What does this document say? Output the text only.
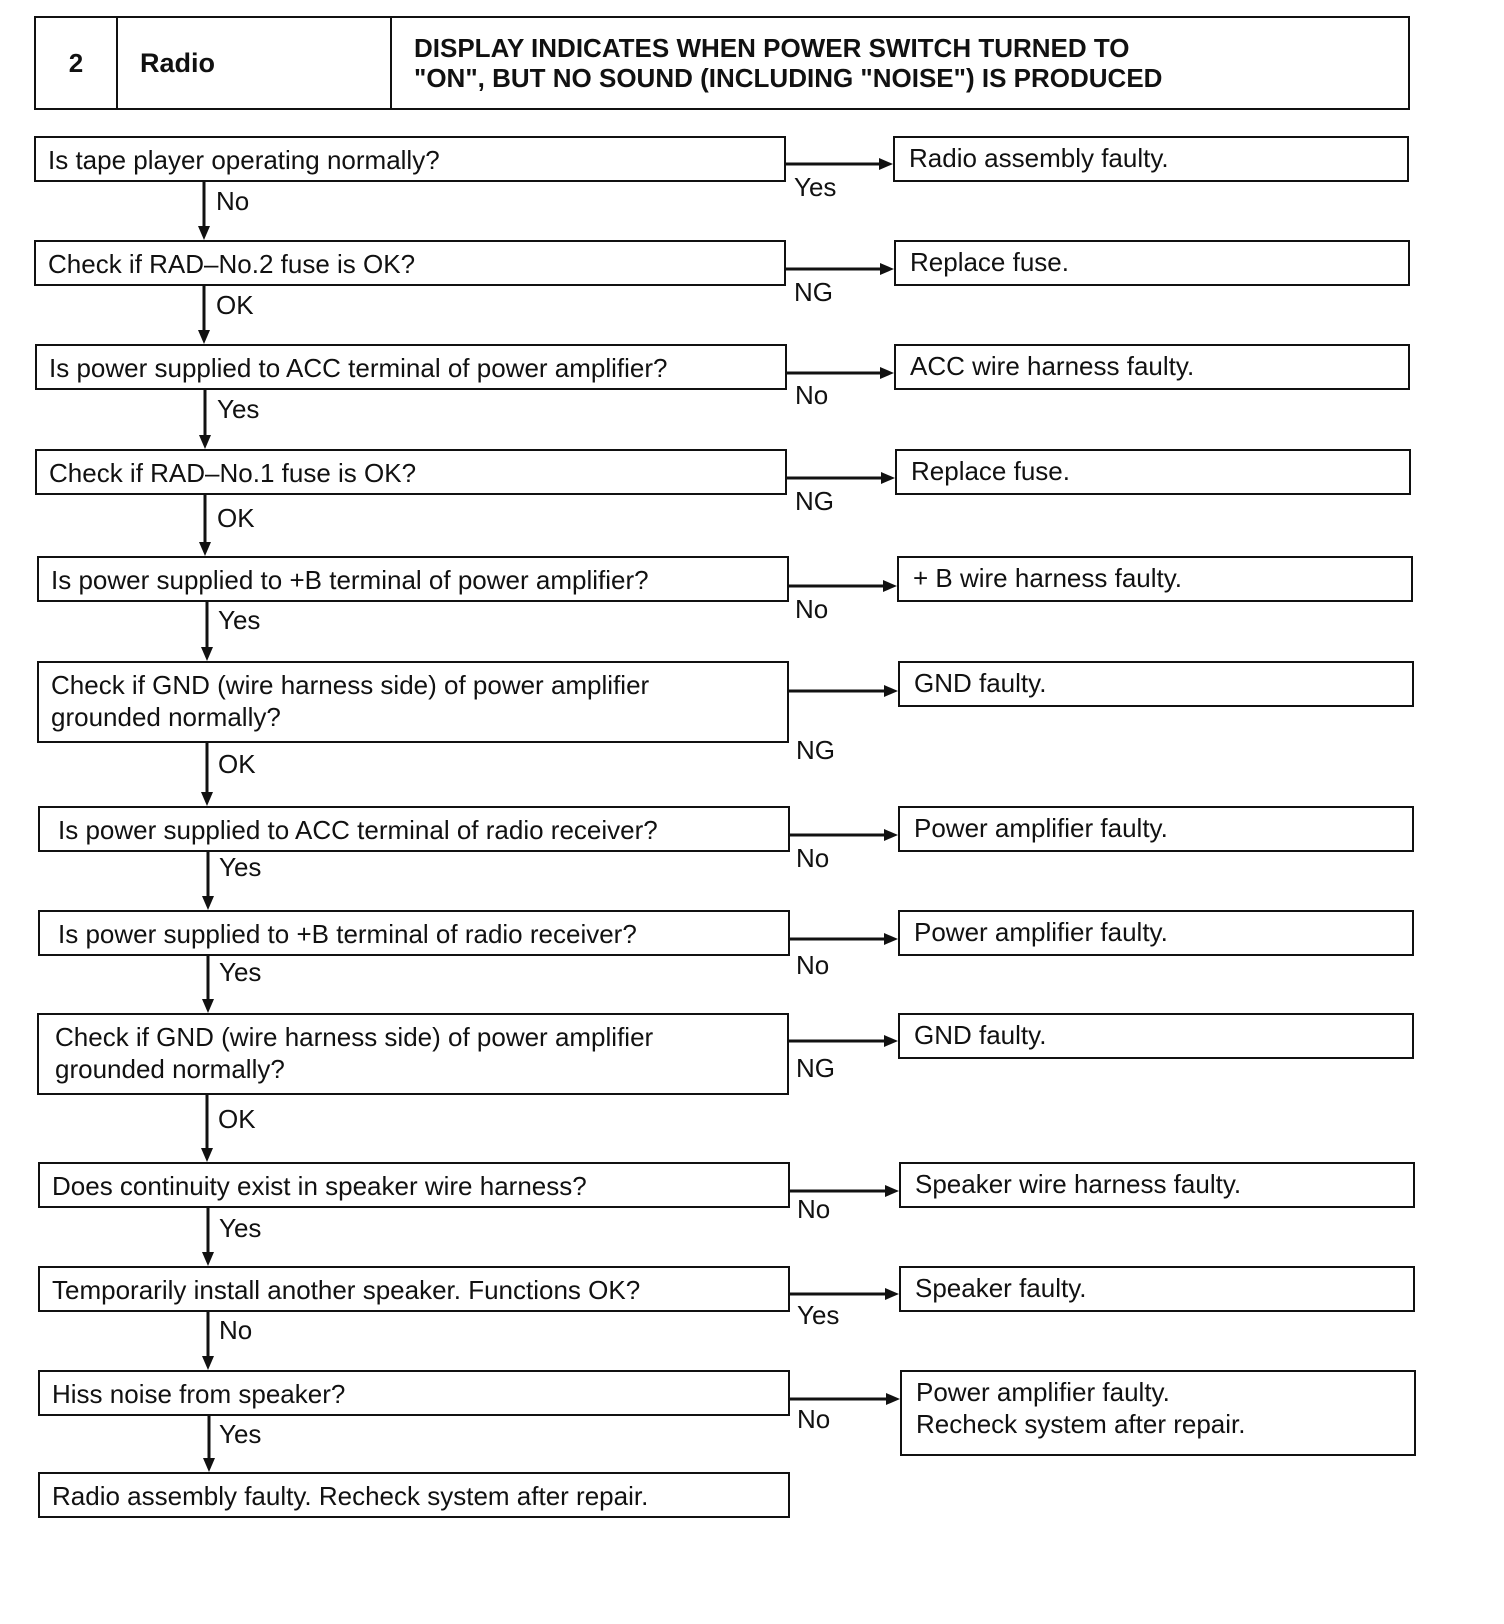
2 Radio	DISPLAY INDICATES WHEN POWER SWITCH TURNED TO
"ON", BUT NO SOUND (INCLUDING "NOISE") IS PRODUCED
Is tape player operating normally?
Check if RAD–No.2 fuse is OK?
Is power supplied to ACC terminal of power amplifier?
Check if RAD–No.1 fuse is OK?
Is power supplied to +B terminal of power amplifier?
Check if GND (wire harness side) of power amplifier
grounded normally?
Is power supplied to ACC terminal of radio receiver?
Is power supplied to +B terminal of radio receiver?
Check if GND (wire harness side) of power amplifier
grounded normally?
Does continuity exist in speaker wire harness?
Temporarily install another speaker. Functions OK?
Hiss noise from speaker?
Radio assembly faulty. Recheck system after repair.
Radio assembly faulty.
Replace fuse.
ACC wire harness faulty.
Replace fuse.
+ B wire harness faulty.
GND faulty.
Power amplifier faulty.
Power amplifier faulty.
GND faulty.
Speaker wire harness faulty.
Speaker faulty.
Power amplifier faulty.
Recheck system after repair.
Yes
NG
No
NG
No
NG
No
No
NG
No
Yes
No
No
OK
Yes
OK
Yes
OK
Yes
Yes
OK
Yes
No
Yes
